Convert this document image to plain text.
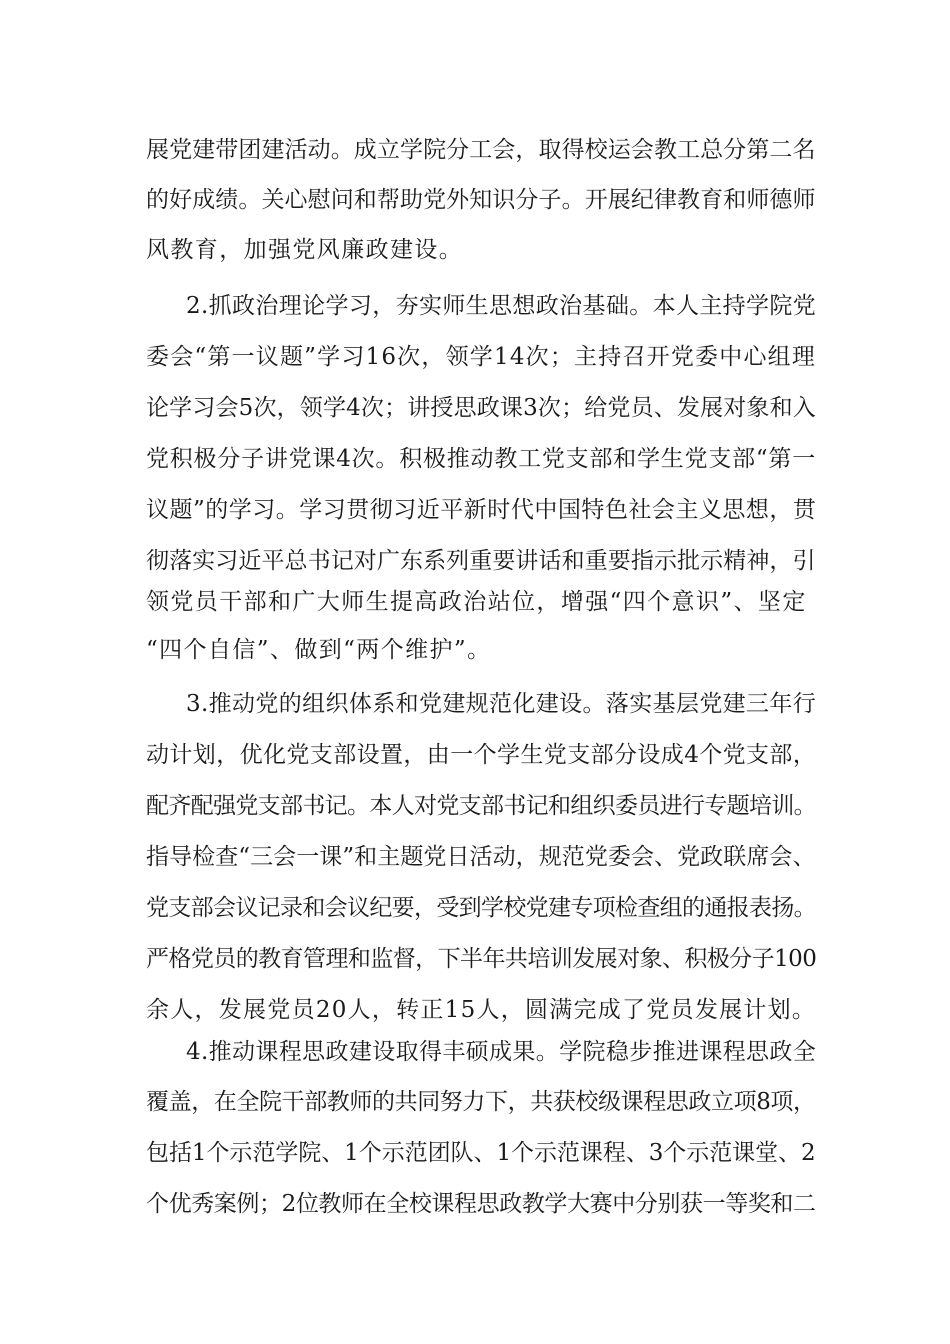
展党建带团建活动。成立学院分工会，取得校运会教工总分第二名
的好成绩。关心慰问和帮助党外知识分子。开展纪律教育和师德师
风教育，加强党风廉政建设。
2.抓政治理论学习，夯实师生思想政治基础。本人主持学院党
委会“第一议题”学习16次，领学14次；主持召开党委中心组理
论学习会5次，领学4次；讲授思政课3次；给党员、发展对象和入
党积极分子讲党课4次。积极推动教工党支部和学生党支部“第一
议题”的学习。学习贯彻习近平新时代中国特色社会主义思想，贯
彻落实习近平总书记对广东系列重要讲话和重要指示批示精神，引
领党员干部和广大师生提高政治站位，增强“四个意识”、坚定
“四个自信”、做到“两个维护”。
3.推动党的组织体系和党建规范化建设。落实基层党建三年行
动计划，优化党支部设置，由一个学生党支部分设成4个党支部，
配齐配强党支部书记。本人对党支部书记和组织委员进行专题培训。
指导检查“三会一课”和主题党日活动，规范党委会、党政联席会、
党支部会议记录和会议纪要，受到学校党建专项检查组的通报表扬。
严格党员的教育管理和监督，下半年共培训发展对象、积极分子100
余人，发展党员20人，转正15人，圆满完成了党员发展计划。
4.推动课程思政建设取得丰硕成果。学院稳步推进课程思政全
覆盖，在全院干部教师的共同努力下，共获校级课程思政立项8项，
包括1个示范学院、1个示范团队、1个示范课程、3个示范课堂、2
个优秀案例；2位教师在全校课程思政教学大赛中分别获一等奖和二
